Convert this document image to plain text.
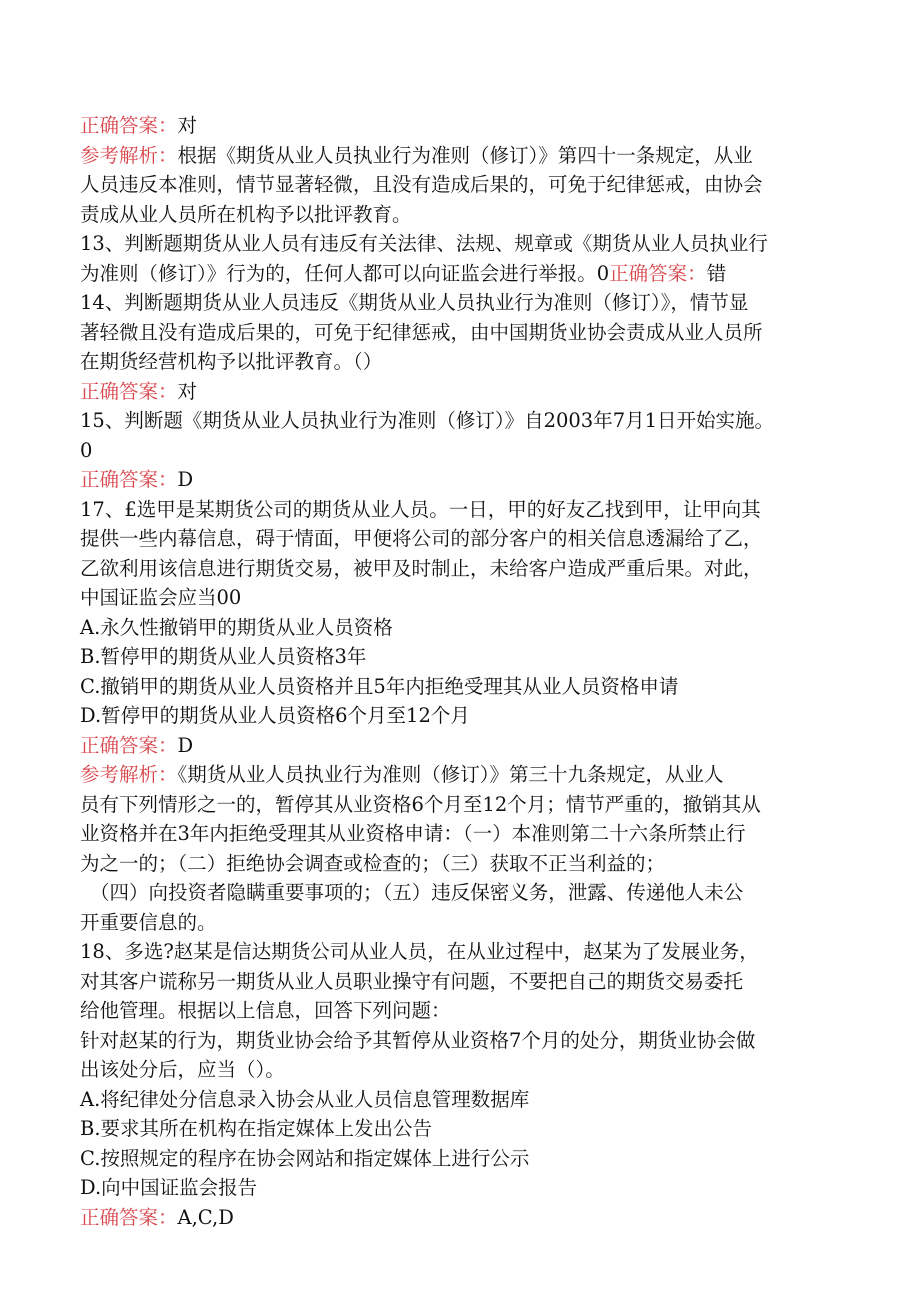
正确答案：对
参考解析：根据《期货从业人员执业行为准则（修订）》第四十一条规定，从业
人员违反本准则，情节显著轻微，且没有造成后果的，可免于纪律惩戒，由协会
责成从业人员所在机构予以批评教育。
13、判断题期货从业人员有违反有关法律、法规、规章或《期货从业人员执业行
为准则（修订）》行为的，任何人都可以向证监会进行举报。0正确答案：错
14、判断题期货从业人员违反《期货从业人员执业行为准则（修订）》，情节显
著轻微且没有造成后果的，可免于纪律惩戒，由中国期货业协会责成从业人员所
在期货经营机构予以批评教育。（）
正确答案：对
15、判断题《期货从业人员执业行为准则（修订）》自2003年7月1日开始实施。
0
正确答案：D
17、£选甲是某期货公司的期货从业人员。一日，甲的好友乙找到甲，让甲向其
提供一些内幕信息，碍于情面，甲便将公司的部分客户的相关信息透漏给了乙，
乙欲利用该信息进行期货交易，被甲及时制止，未给客户造成严重后果。对此，
中国证监会应当00
A.永久性撤销甲的期货从业人员资格
B.暂停甲的期货从业人员资格3年
C.撤销甲的期货从业人员资格并且5年内拒绝受理其从业人员资格申请
D.暂停甲的期货从业人员资格6个月至12个月
正确答案：D
参考解析：《期货从业人员执业行为准则（修订）》第三十九条规定，从业人
员有下列情形之一的，暂停其从业资格6个月至12个月；情节严重的，撤销其从
业资格并在3年内拒绝受理其从业资格申请：（一）本准则第二十六条所禁止行
为之一的；（二）拒绝协会调查或检查的；（三）获取不正当利益的；
（四）向投资者隐瞒重要事项的；（五）违反保密义务，泄露、传递他人未公
开重要信息的。
18、多选?赵某是信达期货公司从业人员，在从业过程中，赵某为了发展业务，
对其客户谎称另一期货从业人员职业操守有问题，不要把自己的期货交易委托
给他管理。根据以上信息，回答下列问题：
针对赵某的行为，期货业协会给予其暂停从业资格7个月的处分，期货业协会做
出该处分后，应当（）。
A.将纪律处分信息录入协会从业人员信息管理数据库
B.要求其所在机构在指定媒体上发出公告
C.按照规定的程序在协会网站和指定媒体上进行公示
D.向中国证监会报告
正确答案：A,C,D
